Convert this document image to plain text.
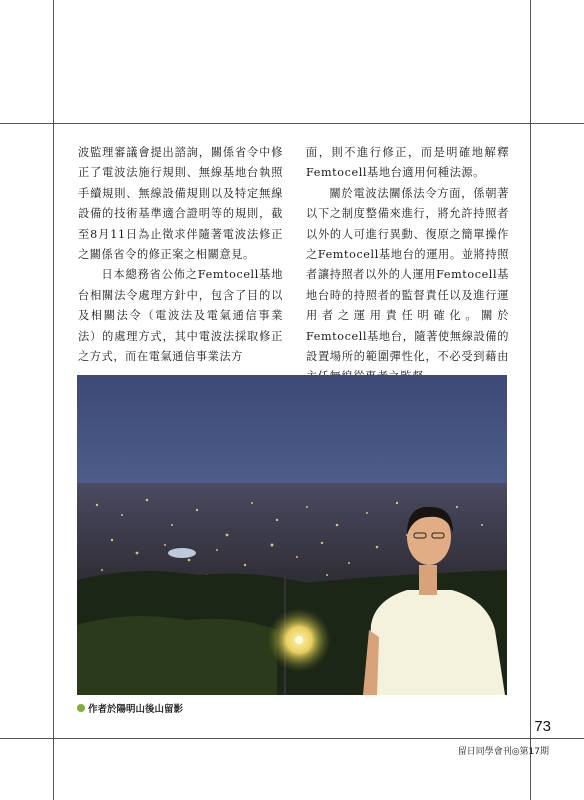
波監理審議會提出諮詢，關係省令中修正了電波法施行規則、無線基地台執照手續規則、無線設備規則以及特定無線設備的技術基準適合證明等的規則，截至8月11日為止徵求伴隨著電波法修正之關係省令的修正案之相關意見。

日本總務省公佈之Femtocell基地台相關法令處理方針中，包含了目的以及相關法令（電波法及電氣通信事業法）的處理方式，其中電波法採取修正之方式，而在電氣通信事業法方

面，則不進行修正，而是明確地解釋Femtocell基地台適用何種法源。

關於電波法關係法令方面，係朝著以下之制度整備來進行，將允許持照者以外的人可進行異動、復原之簡單操作之Femtocell基地台的運用。並將持照者讓持照者以外的人運用Femtocell基地台時的持照者的監督責任以及進行運用者之運用責任明確化。關於Femtocell基地台，隨著使無線設備的設置場所的範圍彈性化，不必受到藉由

作者於陽明山後山留影
73
留日同學會刊◎第17期
